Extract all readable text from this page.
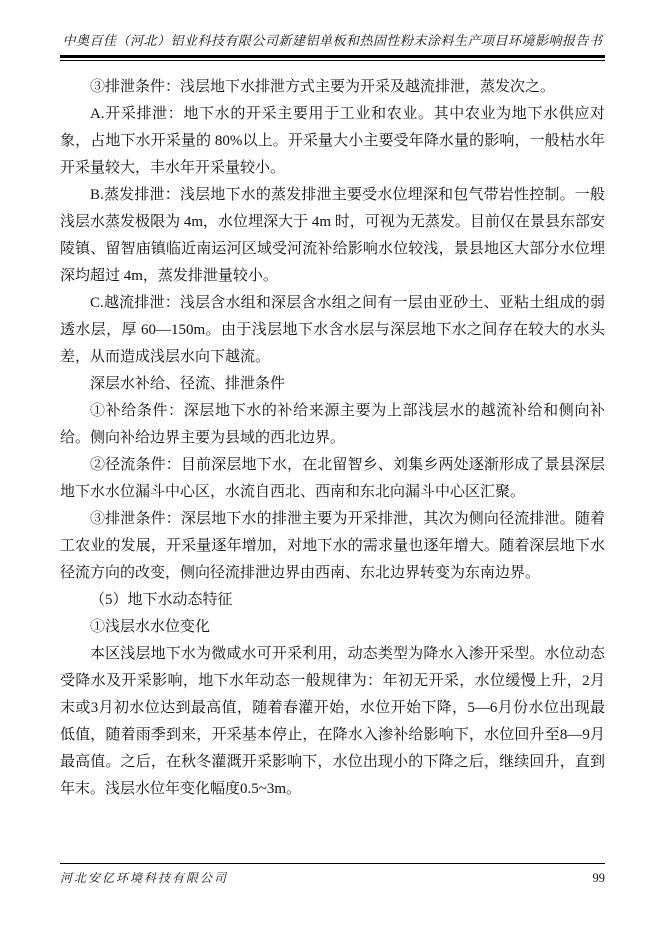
中奥百佳（河北）铝业科技有限公司新建铝单板和热固性粉末涂料生产项目环境影响报告书

③排泄条件：浅层地下水排泄方式主要为开采及越流排泄，蒸发次之。

A.开采排泄：地下水的开采主要用于工业和农业。其中农业为地下水供应对象，占地下水开采量的 80%以上。开采量大小主要受年降水量的影响，一般枯水年开采量较大，丰水年开采量较小。

B.蒸发排泄：浅层地下水的蒸发排泄主要受水位埋深和包气带岩性控制。一般浅层水蒸发极限为 4m，水位埋深大于 4m 时，可视为无蒸发。目前仅在景县东部安陵镇、留智庙镇临近南运河区域受河流补给影响水位较浅，景县地区大部分水位埋深均超过 4m，蒸发排泄量较小。

C.越流排泄：浅层含水组和深层含水组之间有一层由亚砂土、亚粘土组成的弱透水层，厚 60—150m。由于浅层地下水含水层与深层地下水之间存在较大的水头差，从而造成浅层水向下越流。

深层水补给、径流、排泄条件

①补给条件：深层地下水的补给来源主要为上部浅层水的越流补给和侧向补给。侧向补给边界主要为县域的西北边界。

②径流条件：目前深层地下水，在北留智乡、刘集乡两处逐渐形成了景县深层地下水水位漏斗中心区，水流自西北、西南和东北向漏斗中心区汇聚。

③排泄条件：深层地下水的排泄主要为开采排泄，其次为侧向径流排泄。随着工农业的发展，开采量逐年增加，对地下水的需求量也逐年增大。随着深层地下水径流方向的改变，侧向径流排泄边界由西南、东北边界转变为东南边界。

（5）地下水动态特征

①浅层水水位变化

本区浅层地下水为微咸水可开采利用，动态类型为降水入渗开采型。水位动态受降水及开采影响，地下水年动态一般规律为：年初无开采，水位缓慢上升，2月末或3月初水位达到最高值，随着春灌开始，水位开始下降，5—6月份水位出现最低值，随着雨季到来，开采基本停止，在降水入渗补给影响下，水位回升至8—9月最高值。之后，在秋冬灌溉开采影响下，水位出现小的下降之后，继续回升，直到年末。浅层水位年变化幅度0.5~3m。

河北安亿环境科技有限公司	99
